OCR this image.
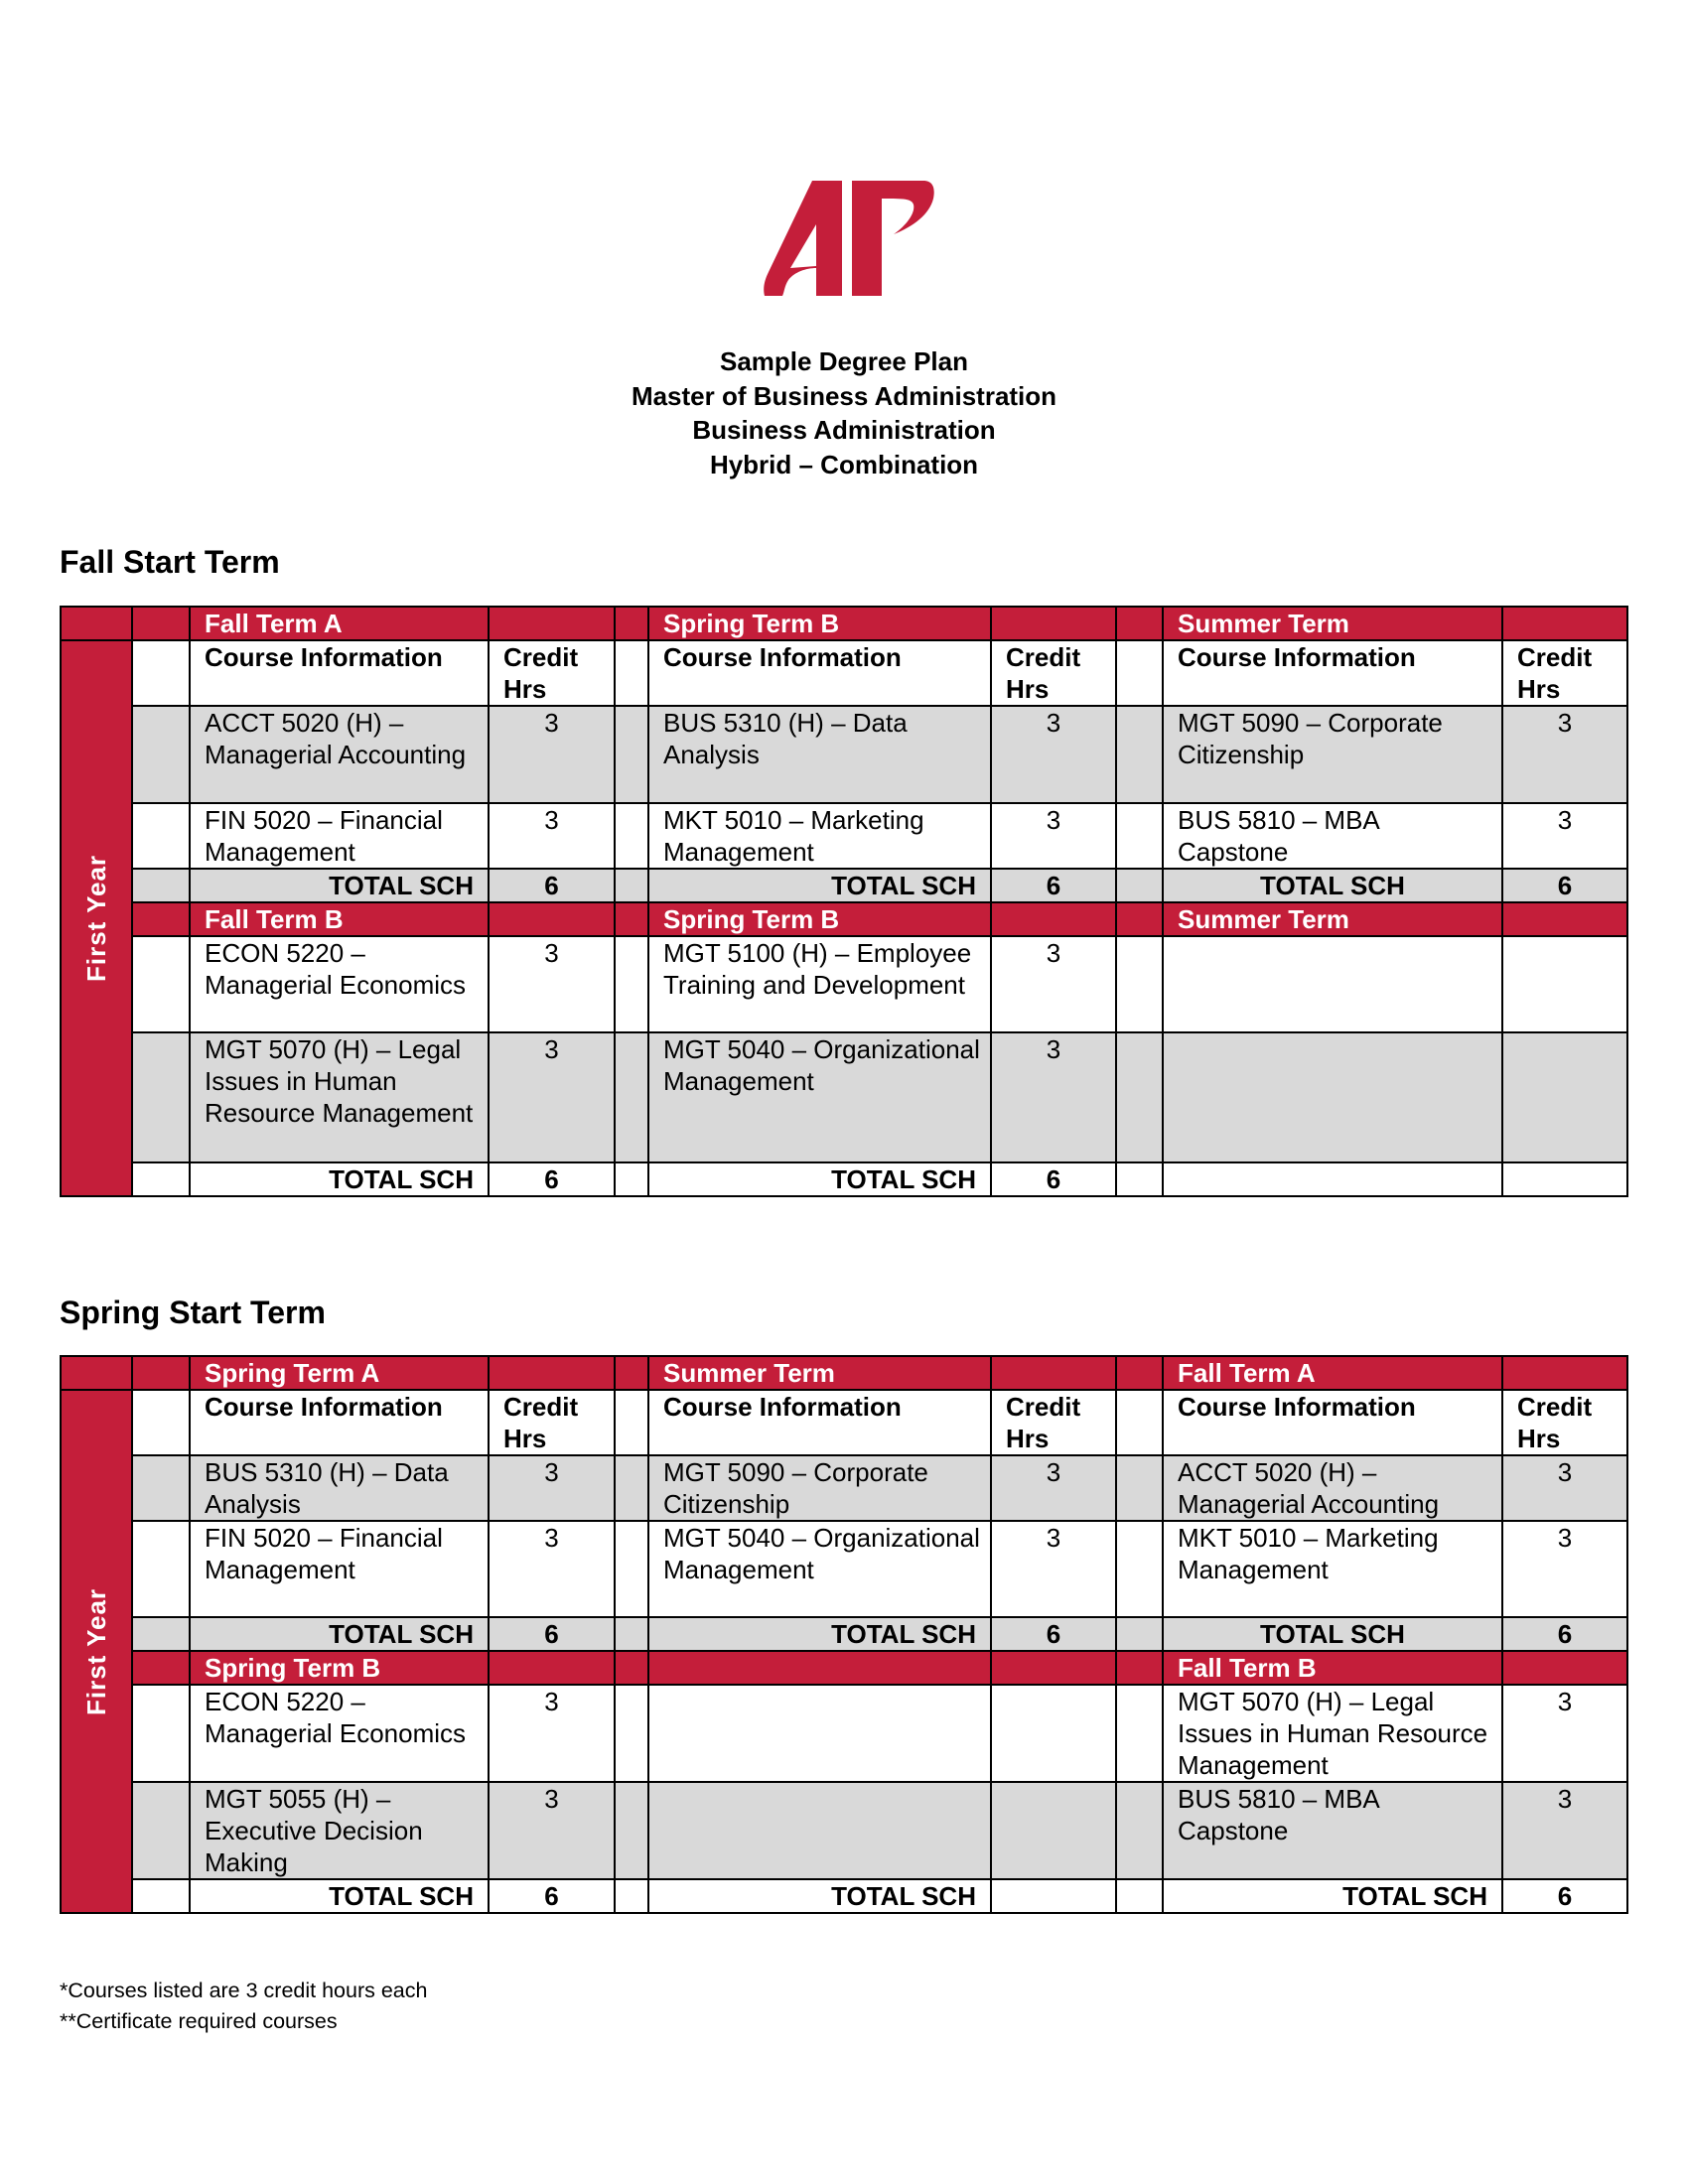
Sample Degree Plan
Master of Business Administration
Business Administration
Hybrid – Combination
Fall Start Term
		Fall Term A			Spring Term B			Summer Term	

First Year		Course Information	Credit Hrs		Course Information	Credit Hrs		Course Information	Credit Hrs
		ACCT 5020 (H) – Managerial Accounting	3		BUS 5310 (H) – Data Analysis	3		MGT 5090 – Corporate Citizenship	3
		FIN 5020 – Financial Management	3		MKT 5010 – Marketing Management	3		BUS 5810 – MBA Capstone	3
		TOTAL SCH	6		TOTAL SCH	6		TOTAL SCH	6
		Fall Term B			Spring Term B			Summer Term	
		ECON 5220 – Managerial Economics	3		MGT 5100 (H) – Employee Training and Development	3			
		MGT 5070 (H) – Legal Issues in Human Resource Management	3		MGT 5040 – Organizational Management	3			
		TOTAL SCH	6		TOTAL SCH	6			
Spring Start Term
		Spring Term A			Summer Term			Fall Term A	

First Year		Course Information	Credit Hrs		Course Information	Credit Hrs		Course Information	Credit Hrs
		BUS 5310 (H) – Data Analysis	3		MGT 5090 – Corporate Citizenship	3		ACCT 5020 (H) – Managerial Accounting	3
		FIN 5020 – Financial Management	3		MGT 5040 – Organizational Management	3		MKT 5010 – Marketing Management	3
		TOTAL SCH	6		TOTAL SCH	6		TOTAL SCH	6
		Spring Term B						Fall Term B	
		ECON 5220 – Managerial Economics	3					MGT 5070 (H) – Legal Issues in Human Resource Management	3
		MGT 5055 (H) – Executive Decision Making	3					BUS 5810 – MBA Capstone	3
		TOTAL SCH	6		TOTAL SCH			TOTAL SCH	6
*Courses listed are 3 credit hours each
**Certificate required courses
